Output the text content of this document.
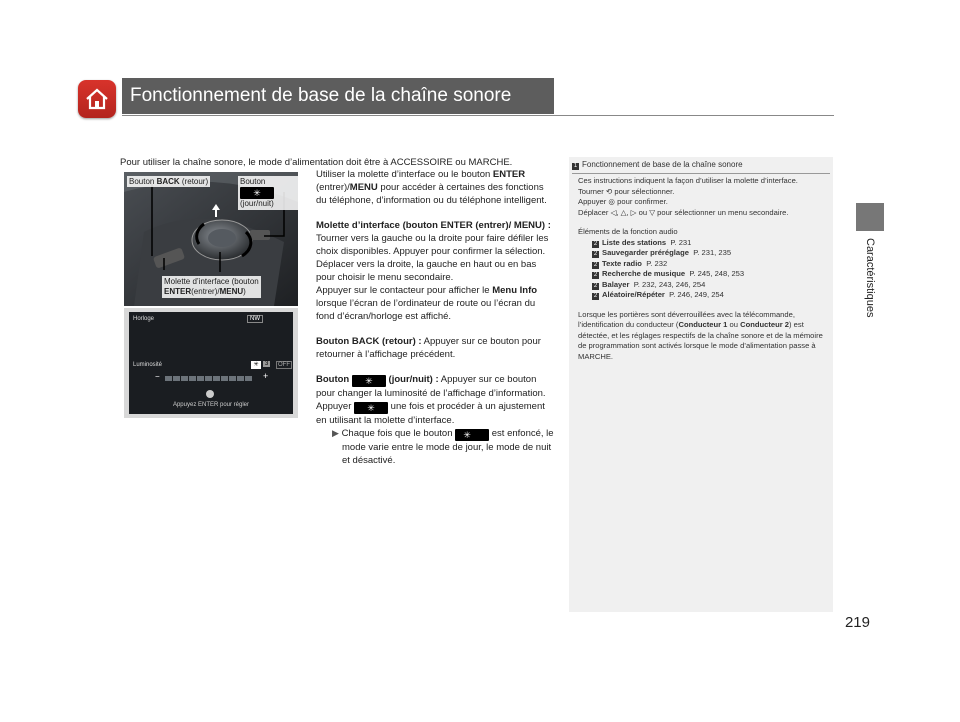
Fonctionnement de base de la chaîne sonore
Caractéristiques
Pour utiliser la chaîne sonore, le mode d’alimentation doit être à ACCESSOIRE ou MARCHE.
Bouton BACK (retour)	Bouton ✳︎
(jour/nuit)
Molette d’interface (bouton
ENTER(entrer)/MENU)
Horloge	NW
Luminosité	✳︎	3	OFF
−	+
Appuyez ENTER pour régler

Utiliser la molette d’interface ou le bouton ENTER (entrer)/MENU pour accéder à certaines des fonctions du téléphone, d’information ou du téléphone intelligent.

Molette d’interface (bouton ENTER (entrer)/ MENU) : Tourner vers la gauche ou la droite pour faire défiler les choix disponibles. Appuyer pour confirmer la sélection. Déplacer vers la droite, la gauche en haut ou en bas pour choisir le menu secondaire.

Appuyer sur le contacteur pour afficher le Menu Info lorsque l’écran de l’ordinateur de route ou l’écran du fond d’écran/horloge est affiché.

Bouton BACK (retour) : Appuyer sur ce bouton pour retourner à l’affichage précédent.

Bouton ✳︎ (jour/nuit) : Appuyer sur ce bouton pour changer la luminosité de l’affichage d’information.

Appuyer ✳︎ une fois et procéder à un ajustement en utilisant la molette d’interface.

▶ Chaque fois que le bouton ✳︎ est enfoncé, le mode varie entre le mode de jour, le mode de nuit et désactivé.

1 Fonctionnement de base de la chaîne sonore

Ces instructions indiquent la façon d’utiliser la molette d’interface.

Tourner ⟲ pour sélectionner.

Appuyer ◎ pour confirmer.

Déplacer ◁, △, ▷ ou ▽ pour sélectionner un menu secondaire.

Éléments de la fonction audio

2 Liste des stations P. 231

2 Sauvegarder préréglage P. 231, 235

2 Texte radio P. 232

2 Recherche de musique P. 245, 248, 253

2 Balayer P. 232, 243, 246, 254

2 Aléatoire/Répéter P. 246, 249, 254

Lorsque les portières sont déverrouillées avec la télécommande, l’identification du conducteur (Conducteur 1 ou Conducteur 2) est détectée, et les réglages respectifs de la chaîne sonore et de la mémoire de programmation sont activés lorsque le mode d’alimentation passe à MARCHE.

219
